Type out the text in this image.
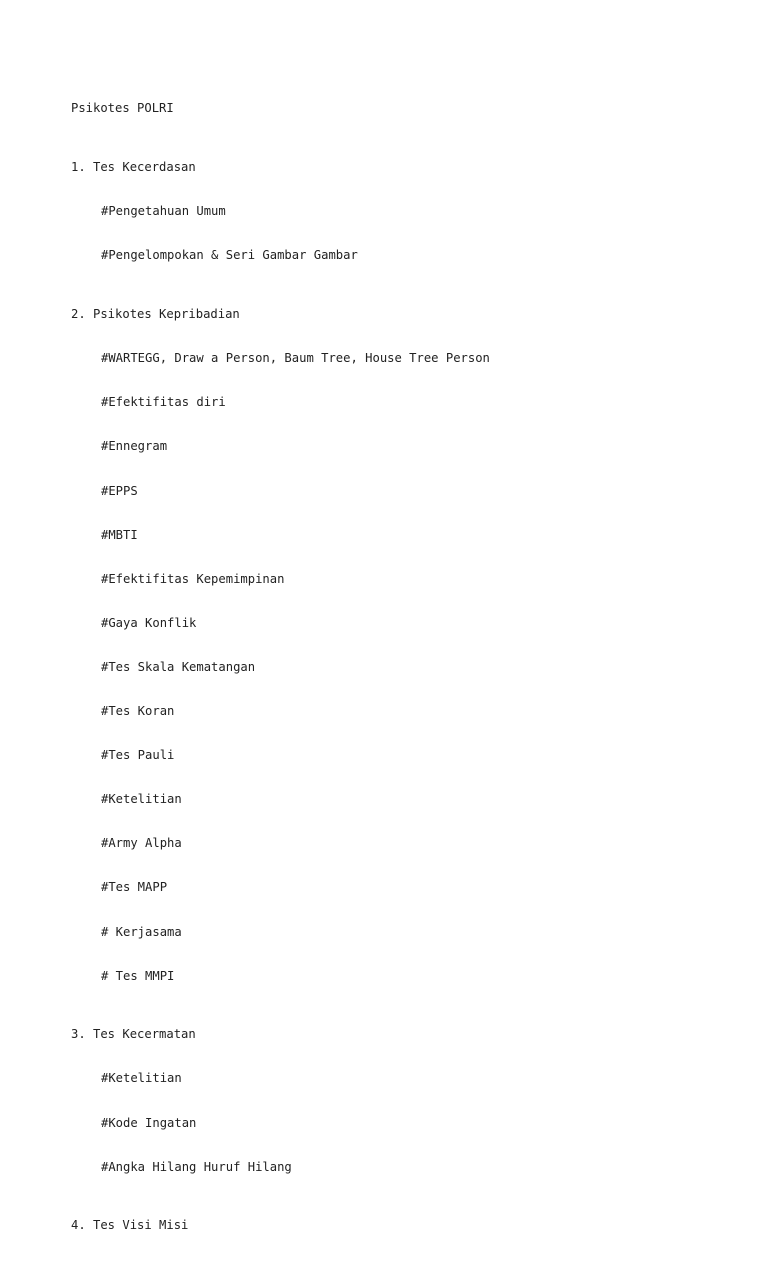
Psikotes POLRI

1. Tes Kecerdasan

#Pengetahuan Umum

#Pengelompokan & Seri Gambar Gambar

2. Psikotes Kepribadian

#WARTEGG, Draw a Person, Baum Tree, House Tree Person

#Efektifitas diri

#Ennegram

#EPPS

#MBTI

#Efektifitas Kepemimpinan

#Gaya Konflik

#Tes Skala Kematangan

#Tes Koran

#Tes Pauli

#Ketelitian

#Army Alpha

#Tes MAPP

# Kerjasama

# Tes MMPI

3. Tes Kecermatan

#Ketelitian

#Kode Ingatan

#Angka Hilang Huruf Hilang

4. Tes Visi Misi
